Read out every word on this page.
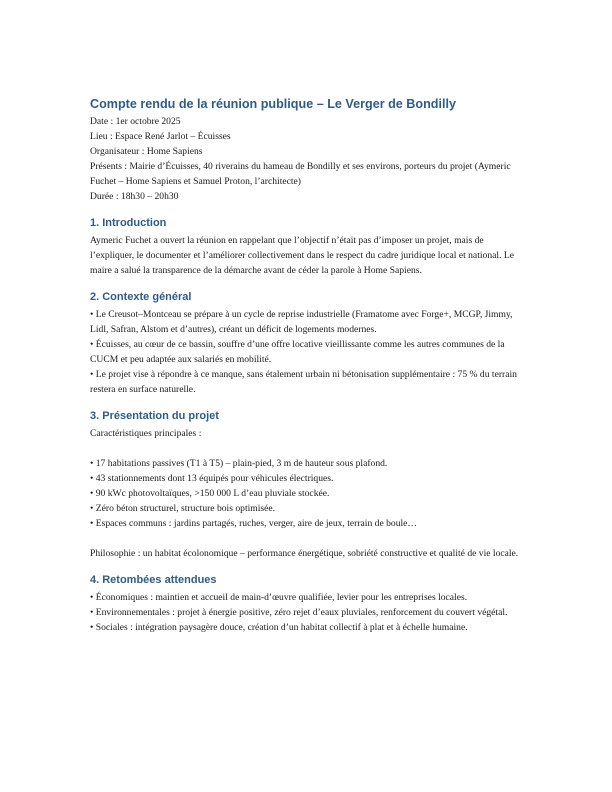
Compte rendu de la réunion publique – Le Verger de Bondilly

Date : 1er octobre 2025

Lieu : Espace René Jarlot – Écuisses

Organisateur : Home Sapiens

Présents : Mairie d’Écuisses, 40 riverains du hameau de Bondilly et ses environs, porteurs du projet (Aymeric Fuchet – Home Sapiens et Samuel Proton, l’architecte)

Durée : 18h30 – 20h30

1. Introduction

Aymeric Fuchet a ouvert la réunion en rappelant que l’objectif n’était pas d’imposer un projet, mais de l’expliquer, le documenter et l’améliorer collectivement dans le respect du cadre juridique local et national. Le maire a salué la transparence de la démarche avant de céder la parole à Home Sapiens.

2. Contexte général

• Le Creusot–Montceau se prépare à un cycle de reprise industrielle (Framatome avec Forge+, MCGP, Jimmy, Lidl, Safran, Alstom et d’autres), créant un déficit de logements modernes.

• Écuisses, au cœur de ce bassin, souffre d’une offre locative vieillissante comme les autres communes de la CUCM et peu adaptée aux salariés en mobilité.

• Le projet vise à répondre à ce manque, sans étalement urbain ni bétonisation supplémentaire : 75 % du terrain restera en surface naturelle.

3. Présentation du projet

Caractéristiques principales :

• 17 habitations passives (T1 à T5) – plain-pied, 3 m de hauteur sous plafond.

• 43 stationnements dont 13 équipés pour véhicules électriques.

• 90 kWc photovoltaïques, >150 000 L d’eau pluviale stockée.

• Zéro béton structurel, structure bois optimisée.

• Espaces communs : jardins partagés, ruches, verger, aire de jeux, terrain de boule…

Philosophie : un habitat écolonomique – performance énergétique, sobriété constructive et qualité de vie locale.

4. Retombées attendues

• Économiques : maintien et accueil de main-d’œuvre qualifiée, levier pour les entreprises locales.

• Environnementales : projet à énergie positive, zéro rejet d’eaux pluviales, renforcement du couvert végétal.

• Sociales : intégration paysagère douce, création d’un habitat collectif à plat et à échelle humaine.
